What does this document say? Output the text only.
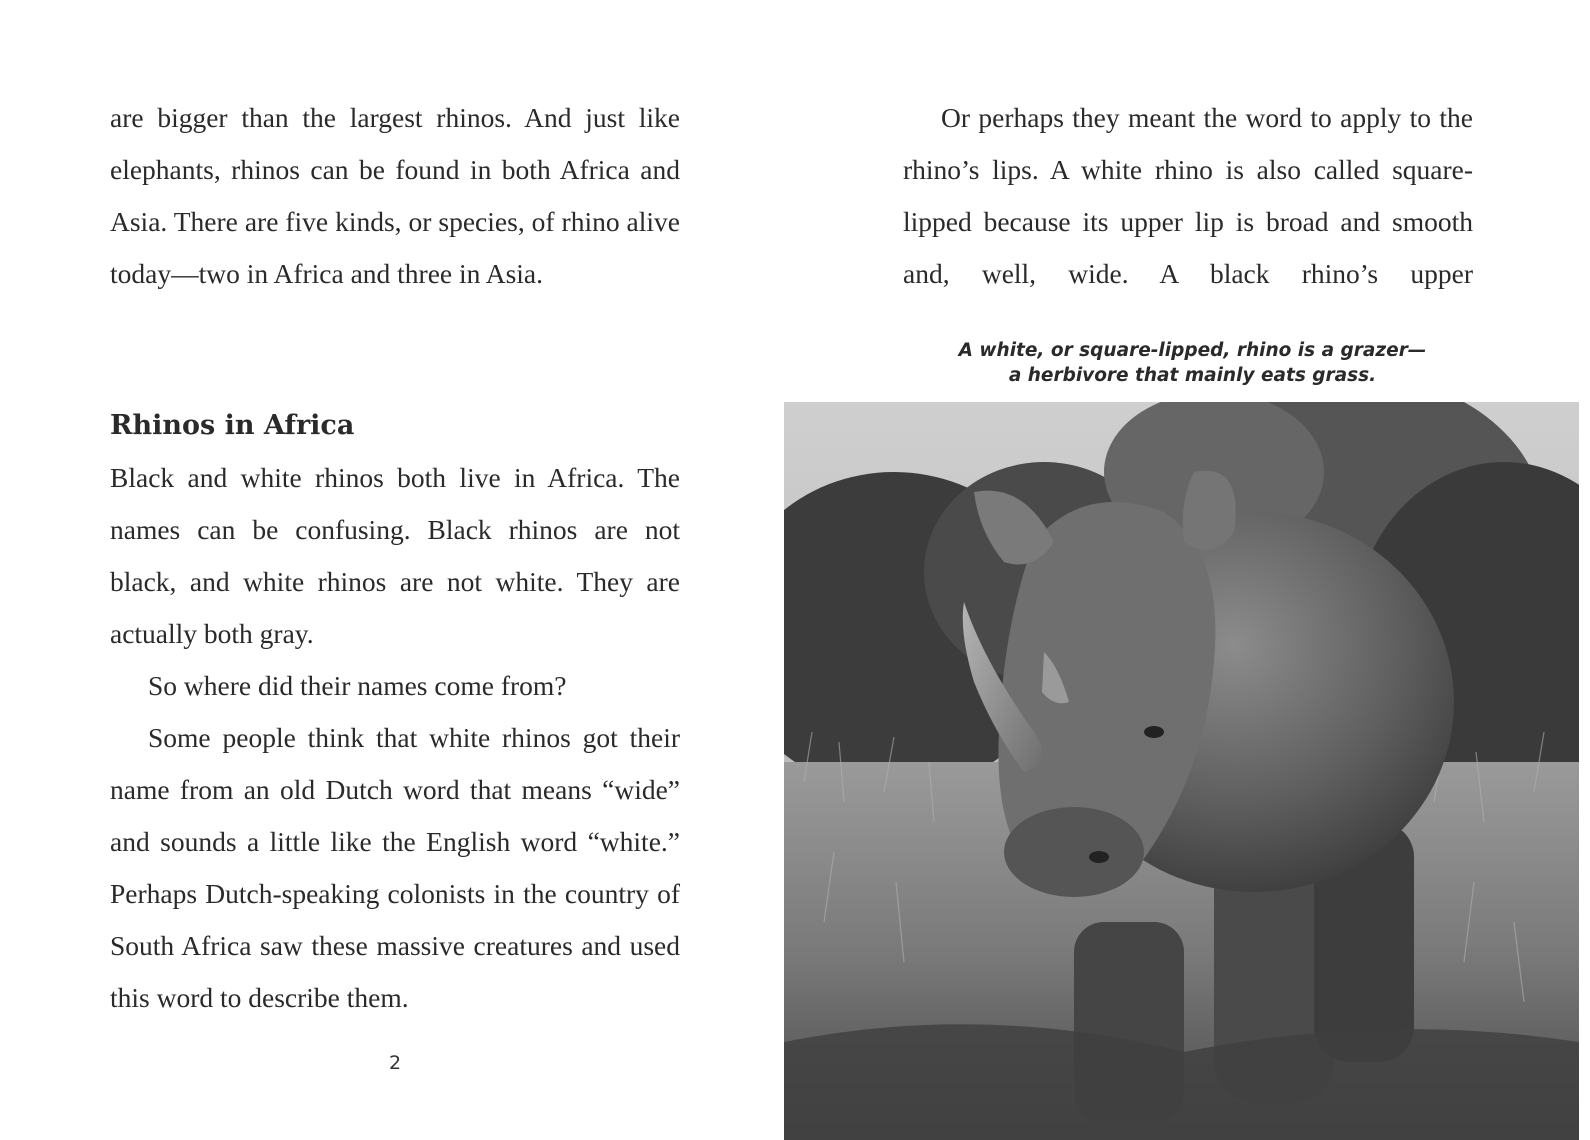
are bigger than the largest rhinos. And just like elephants, rhinos can be found in both Africa and Asia. There are five kinds, or species, of rhino alive today—two in Africa and three in Asia.

Rhinos in Africa

Black and white rhinos both live in Africa. The names can be confusing. Black rhinos are not black, and white rhinos are not white. They are actually both gray.

So where did their names come from?

Some people think that white rhinos got their name from an old Dutch word that means “wide” and sounds a little like the English word “white.” Perhaps Dutch-speaking colonists in the country of South Africa saw these massive creatures and used this word to describe them.

2

Or perhaps they meant the word to apply to the rhino’s lips. A white rhino is also called square-lipped because its upper lip is broad and smooth and, well, wide. A black rhino’s upper

A white, or square-lipped, rhino is a grazer—
a herbivore that mainly eats grass.
